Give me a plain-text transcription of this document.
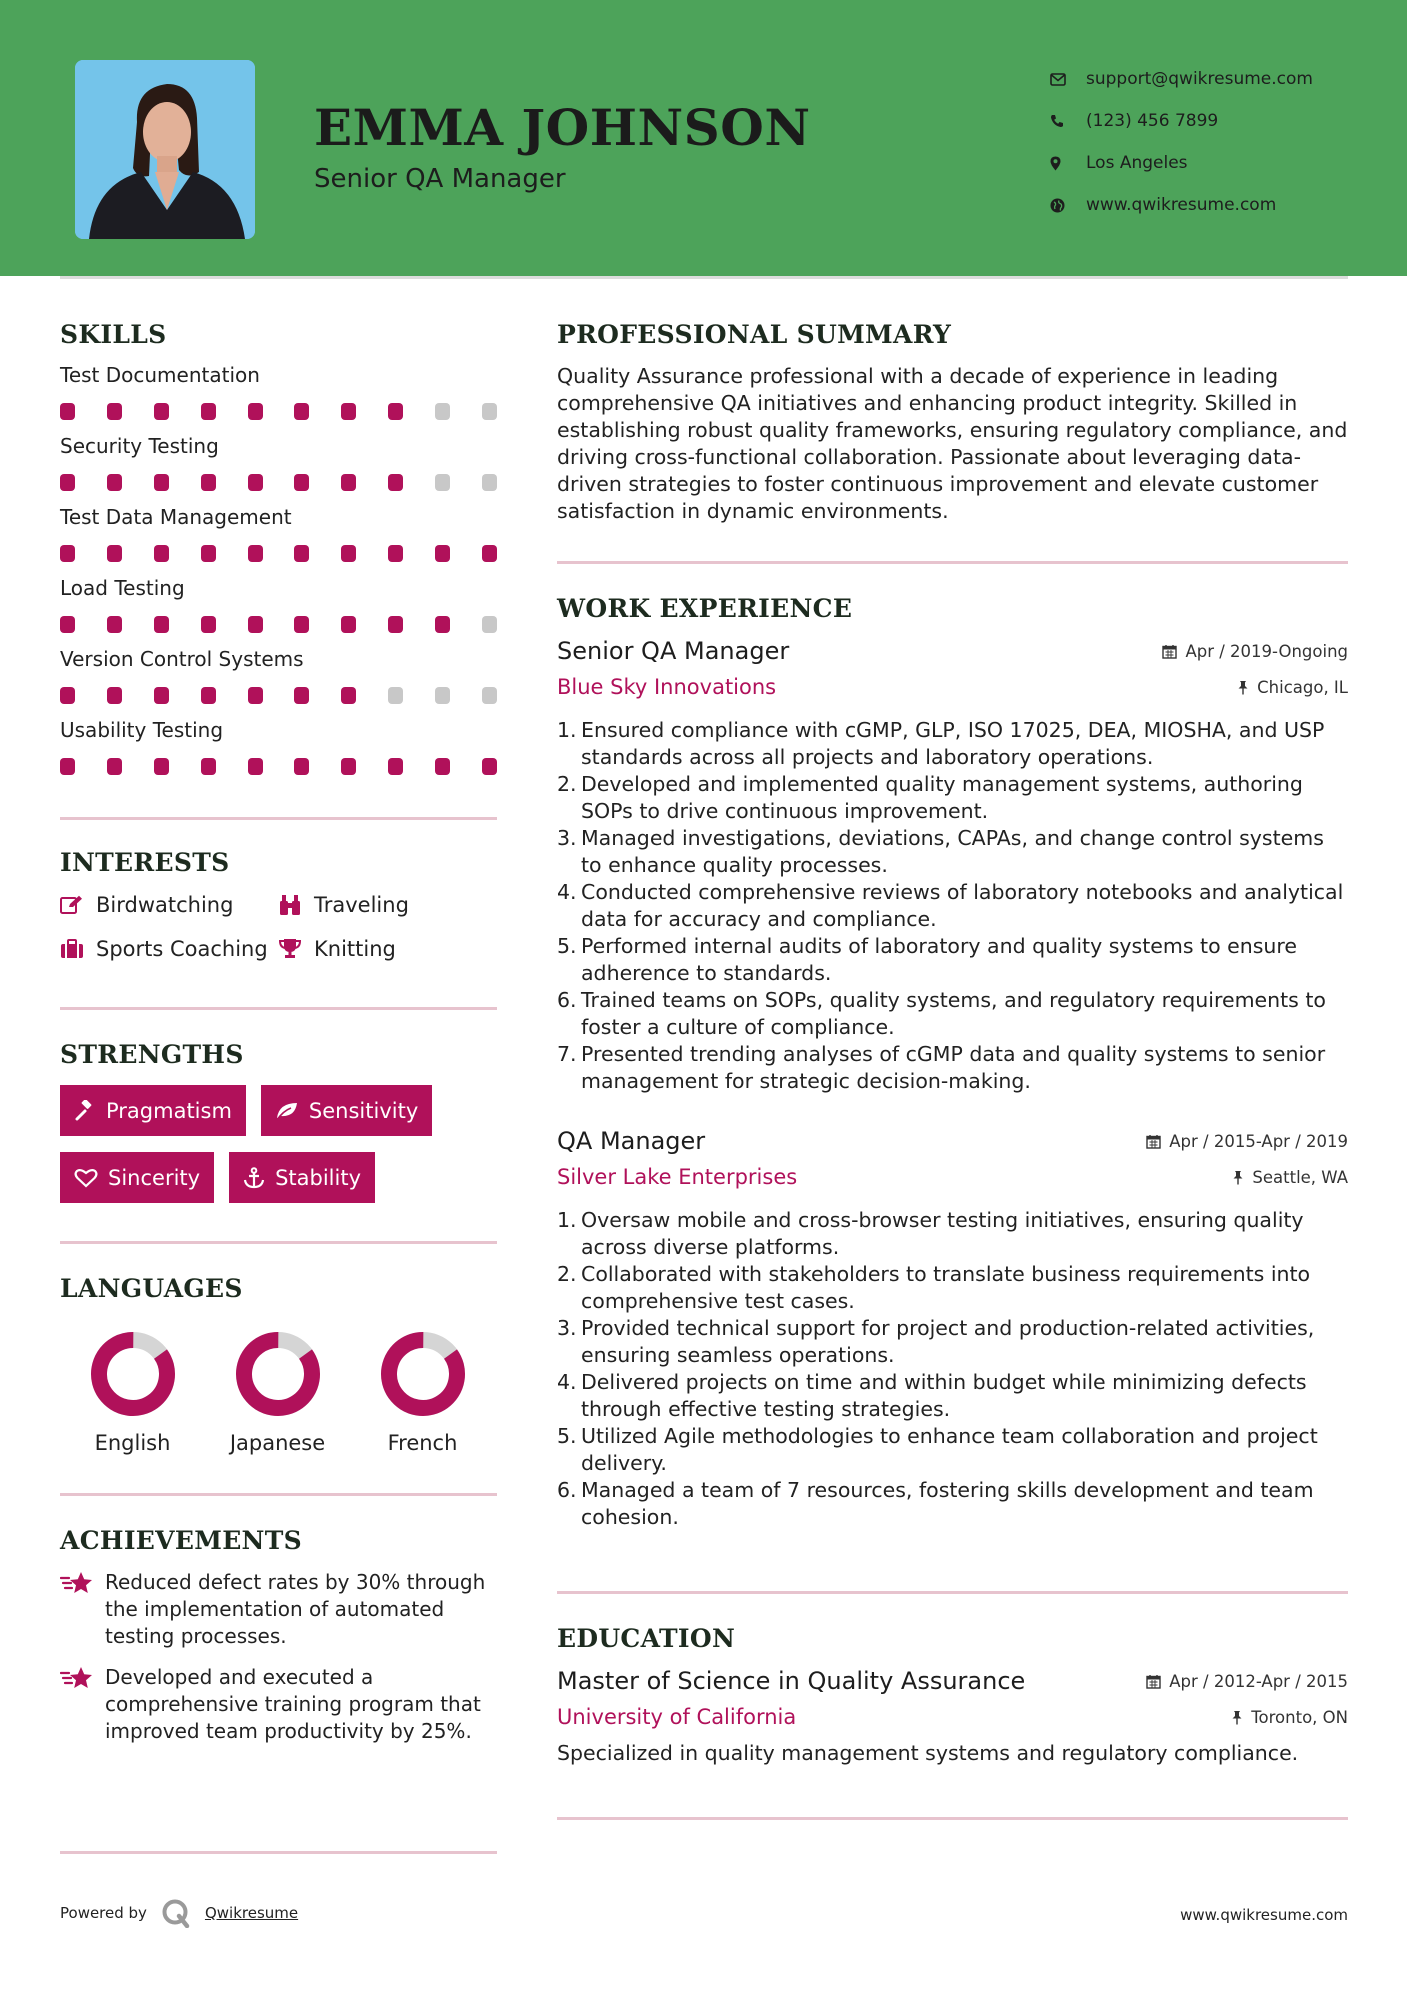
EMMA JOHNSON
Senior QA Manager
support@qwikresume.com
(123) 456 7899
Los Angeles
www.qwikresume.com
SKILLS
Test Documentation
Security Testing
Test Data Management
Load Testing
Version Control Systems
Usability Testing
INTERESTS
Birdwatching	Traveling
Sports Coaching Knitting
STRENGTHS
Pragmatism	Sensitivity
Sincerity	Stability
LANGUAGES
English	Japanese	French
ACHIEVEMENTS
Reduced defect rates by 30% through the implementation of automated testing processes.
Developed and executed a comprehensive training program that improved team productivity by 25%.
PROFESSIONAL SUMMARY
Quality Assurance professional with a decade of experience in leading comprehensive QA initiatives and enhancing product integrity. Skilled in establishing robust quality frameworks, ensuring regulatory compliance, and driving cross-functional collaboration. Passionate about leveraging data-driven strategies to foster continuous improvement and elevate customer satisfaction in dynamic environments.
WORK EXPERIENCE
Senior QA Manager	Apr / 2019-Ongoing
Blue Sky Innovations	Chicago, IL
1 . Ensured compliance with cGMP, GLP, ISO 17025, DEA, MIOSHA, and USP standards across all projects and laboratory operations.
2 . Developed and implemented quality management systems, authoring SOPs to drive continuous improvement.
3 . Managed investigations, deviations, CAPAs, and change control systems to enhance quality processes.
4 . Conducted comprehensive reviews of laboratory notebooks and analytical data for accuracy and compliance.
5 . Performed internal audits of laboratory and quality systems to ensure adherence to standards.
6 . Trained teams on SOPs, quality systems, and regulatory requirements to foster a culture of compliance.
7 . Presented trending analyses of cGMP data and quality systems to senior management for strategic decision-making.
QA Manager	Apr / 2015-Apr / 2019
Silver Lake Enterprises	Seattle, WA
1 . Oversaw mobile and cross-browser testing initiatives, ensuring quality across diverse platforms.
2 . Collaborated with stakeholders to translate business requirements into comprehensive test cases.
3 . Provided technical support for project and production-related activities, ensuring seamless operations.
4 . Delivered projects on time and within budget while minimizing defects through effective testing strategies.
5 . Utilized Agile methodologies to enhance team collaboration and project delivery.
6 . Managed a team of 7 resources, fostering skills development and team cohesion.
EDUCATION
Master of Science in Quality Assurance	Apr / 2012-Apr / 2015
University of California	Toronto, ON
Specialized in quality management systems and regulatory compliance.
Powered by	Qwikresume	www.qwikresume.com
